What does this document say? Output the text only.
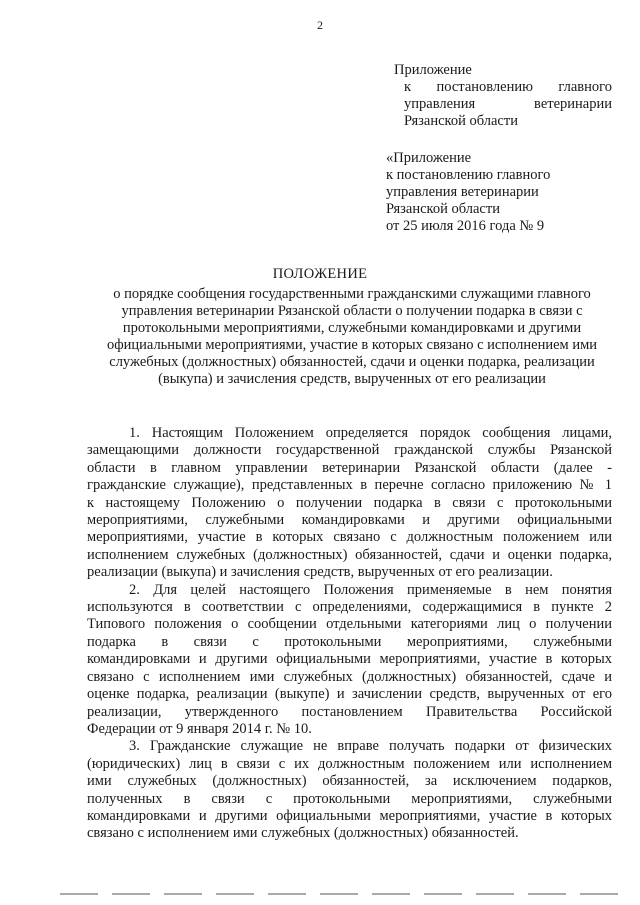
2
Приложение
к постановлению главного
управления ветеринарии
Рязанской области
«Приложение
к постановлению главного
управления ветеринарии
Рязанской области
от 25 июля 2016 года № 9
ПОЛОЖЕНИЕ
о порядке сообщения государственными гражданскими служащими главного
управления ветеринарии Рязанской области о получении подарка в связи с
протокольными мероприятиями, служебными командировками и другими
официальными мероприятиями, участие в которых связано с исполнением ими
служебных (должностных) обязанностей, сдачи и оценки подарка, реализации
(выкупа) и зачисления средств, вырученных от его реализации
1. Настоящим Положением определяется порядок сообщения лицами,
замещающими должности государственной гражданской службы Рязанской
области в главном управлении ветеринарии Рязанской области (далее -
гражданские служащие), представленных в перечне согласно приложению № 1
к настоящему Положению о получении подарка в связи с протокольными
мероприятиями, служебными командировками и другими официальными
мероприятиями, участие в которых связано с должностным положением или
исполнением служебных (должностных) обязанностей, сдачи и оценки подарка,
реализации (выкупа) и зачисления средств, вырученных от его реализации.
2. Для целей настоящего Положения применяемые в нем понятия
используются в соответствии с определениями, содержащимися в пункте 2
Типового положения о сообщении отдельными категориями лиц о получении
подарка в связи с протокольными мероприятиями, служебными
командировками и другими официальными мероприятиями, участие в которых
связано с исполнением ими служебных (должностных) обязанностей, сдаче и
оценке подарка, реализации (выкупе) и зачислении средств, вырученных от его
реализации, утвержденного постановлением Правительства Российской
Федерации от 9 января 2014 г. № 10.
3. Гражданские служащие не вправе получать подарки от физических
(юридических) лиц в связи с их должностным положением или исполнением
ими служебных (должностных) обязанностей, за исключением подарков,
полученных в связи с протокольными мероприятиями, служебными
командировками и другими официальными мероприятиями, участие в которых
связано с исполнением ими служебных (должностных) обязанностей.
